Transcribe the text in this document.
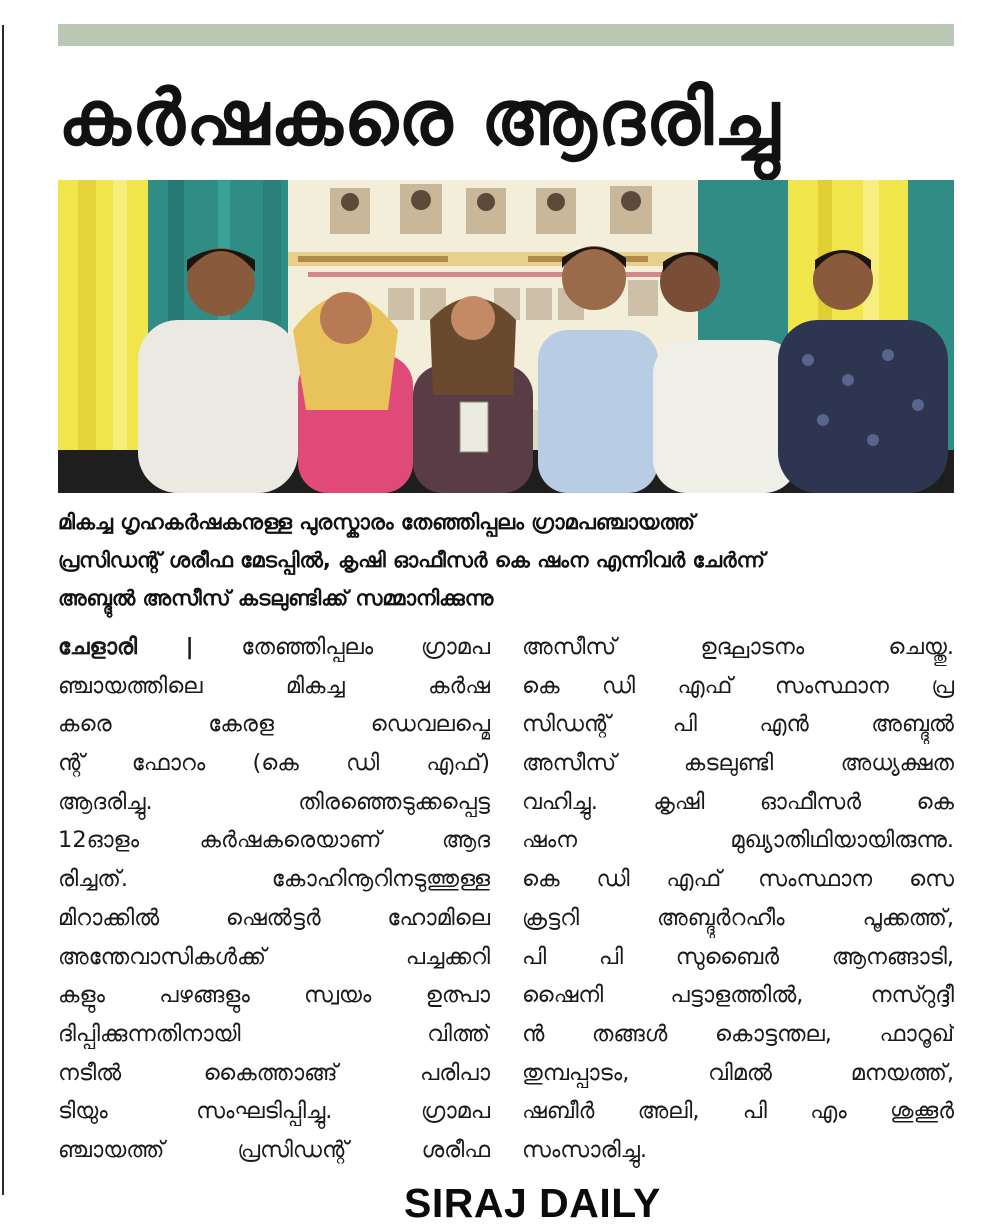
കർഷകരെ ആദരിച്ചു
മികച്ച ഗൃഹകർഷകനുള്ള പുരസ്കാരം തേഞ്ഞിപ്പലം ഗ്രാമപഞ്ചായത്ത്
പ്രസിഡന്റ് ശരീഫ മേടപ്പിൽ, കൃഷി ഓഫീസർ കെ ഷംന എന്നിവർ ചേർന്ന്
അബ്ദുൽ അസീസ് കടലുണ്ടിക്ക് സമ്മാനിക്കുന്നു
ചേളാരി | തേഞ്ഞിപ്പലം ഗ്രാമപ
ഞ്ചായത്തിലെ മികച്ച കർഷ
കരെ കേരള ഡെവലപ്മെ
ന്റ് ഫോറം (കെ ഡി എഫ്)
ആദരിച്ചു. തിരഞ്ഞെടുക്കപ്പെട്ട
12ഓളം കർഷകരെയാണ് ആദ
രിച്ചത്. കോഹിനൂറിനടുത്തുള്ള
മിറാക്കിൽ ഷെൽട്ടർ ഹോമിലെ
അന്തേവാസികൾക്ക് പച്ചക്കറി
കളും പഴങ്ങളും സ്വയം ഉത്പാ
ദിപ്പിക്കുന്നതിനായി വിത്ത്
നടീൽ കൈത്താങ്ങ് പരിപാ
ടിയും സംഘടിപ്പിച്ചു. ഗ്രാമപ
ഞ്ചായത്ത് പ്രസിഡന്റ് ശരീഫ
അസീസ് ഉദ്ഘാടനം ചെയ്തു.
കെ ഡി എഫ് സംസ്ഥാന പ്ര
സിഡന്റ് പി എൻ അബ്ദുൽ
അസീസ് കടലുണ്ടി അധ്യക്ഷത
വഹിച്ചു. കൃഷി ഓഫീസർ കെ
ഷംന മുഖ്യാതിഥിയായിരുന്നു.
കെ ഡി എഫ് സംസ്ഥാന സെ
ക്രട്ടറി അബ്ദുർറഹീം പൂക്കത്ത്,
പി പി സുബൈർ ആനങ്ങാടി,
ഷൈനി പട്ടാളത്തിൽ, നസ്റുദ്ദീ
ൻ തങ്ങൾ കൊട്ടന്തല, ഫാറൂഖ്
തുമ്പപ്പാടം, വിമൽ മനയത്ത്,
ഷബീർ അലി, പി എം ശുക്കൂർ
സംസാരിച്ചു.
SIRAJ DAILY
